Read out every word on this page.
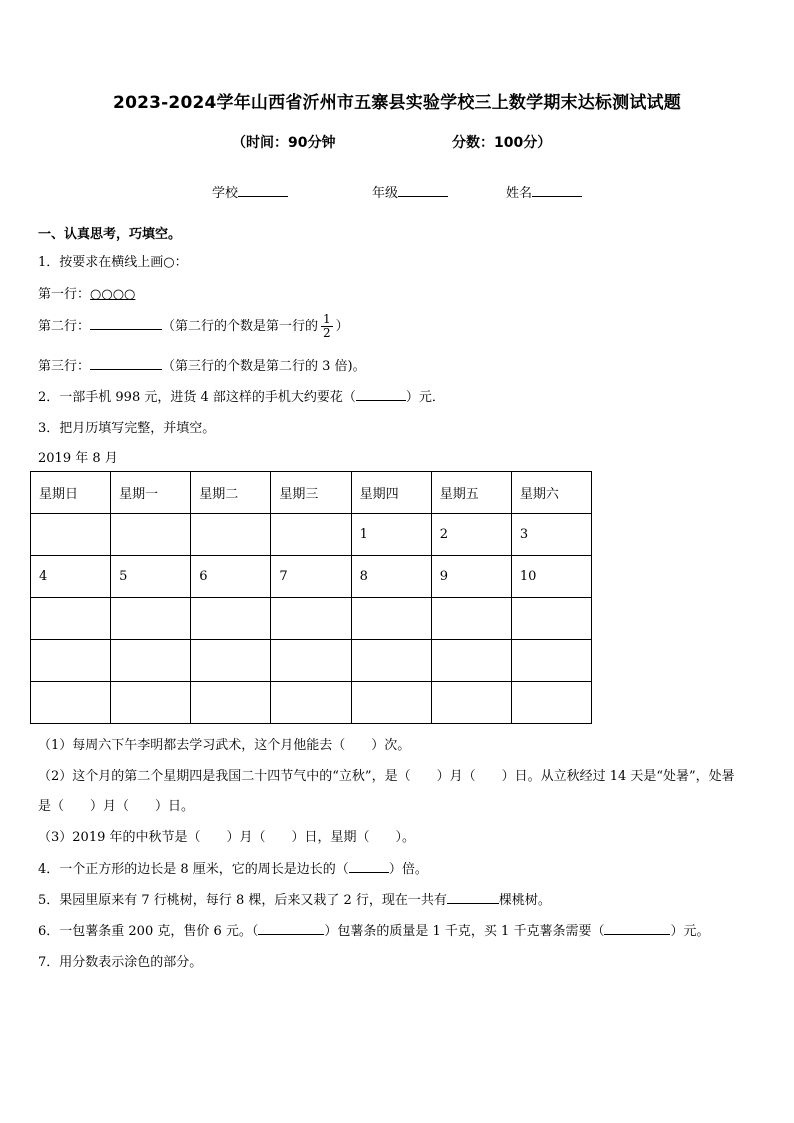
2023-2024学年山西省沂州市五寨县实验学校三上数学期末达标测试试题
（时间：90分钟	分数：100分）
学校	年级	姓名
一、认真思考，巧填空。
1．按要求在横线上画○：
第一行：○○○○
第二行：	（第二行的个数是第一行的 $\frac{1}{2}$ ）
第三行：	（第三行的个数是第二行的 3 倍)。
2．一部手机 998 元，进货 4 部这样的手机大约要花（	）元．
3．把月历填写完整，并填空。
2019 年 8 月
星期日	星期一	星期二	星期三	星期四	星期五	星期六
				1	2	3
4	5	6	7	8	9	10

（1）每周六下午李明都去学习武术，这个月他能去（　　）次。
（2）这个月的第二个星期四是我国二十四节气中的“立秋”，是（　　）月（　　）日。从立秋经过 14 天是“处暑”，处暑
是（　　）月（　　）日。
（3）2019 年的中秋节是（　　）月（　　）日，星期（　　）。
4．一个正方形的边长是 8 厘米，它的周长是边长的（	）倍。
5．果园里原来有 7 行桃树，每行 8 棵，后来又栽了 2 行，现在一共有	棵桃树。
6．一包薯条重 200 克，售价 6 元。（	）包薯条的质量是 1 千克，买 1 千克薯条需要（	）元。
7．用分数表示涂色的部分。
